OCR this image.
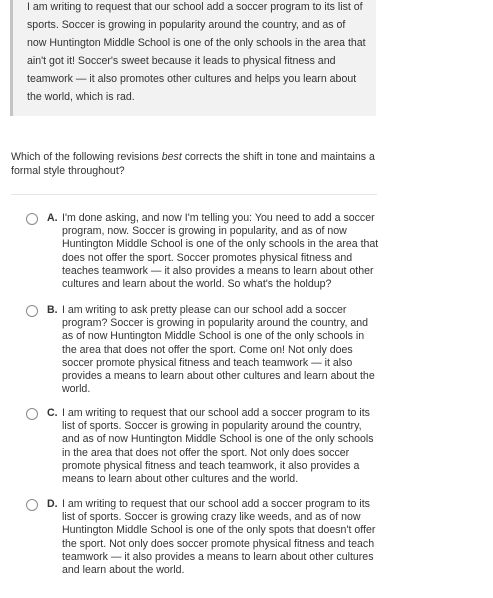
I am writing to request that our school add a soccer program to its list of sports. Soccer is growing in popularity around the country, and as of now Huntington Middle School is one of the only schools in the area that ain't got it! Soccer's sweet because it leads to physical fitness and teamwork — it also promotes other cultures and helps you learn about the world, which is rad.

Which of the following revisions best corrects the shift in tone and maintains a formal style throughout?
A. I'm done asking, and now I'm telling you: You need to add a soccer program, now. Soccer is growing in popularity, and as of now Huntington Middle School is one of the only schools in the area that does not offer the sport. Soccer promotes physical fitness and teaches teamwork — it also provides a means to learn about other cultures and learn about the world. So what's the holdup?

B. I am writing to ask pretty please can our school add a soccer program? Soccer is growing in popularity around the country, and as of now Huntington Middle School is one of the only schools in the area that does not offer the sport. Come on! Not only does soccer promote physical fitness and teach teamwork — it also provides a means to learn about other cultures and learn about the world.

C. I am writing to request that our school add a soccer program to its list of sports. Soccer is growing in popularity around the country, and as of now Huntington Middle School is one of the only schools in the area that does not offer the sport. Not only does soccer promote physical fitness and teach teamwork, it also provides a means to learn about other cultures and the world.

D. I am writing to request that our school add a soccer program to its list of sports. Soccer is growing crazy like weeds, and as of now Huntington Middle School is one of the only spots that doesn't offer the sport. Not only does soccer promote physical fitness and teach teamwork — it also provides a means to learn about other cultures and learn about the world.
